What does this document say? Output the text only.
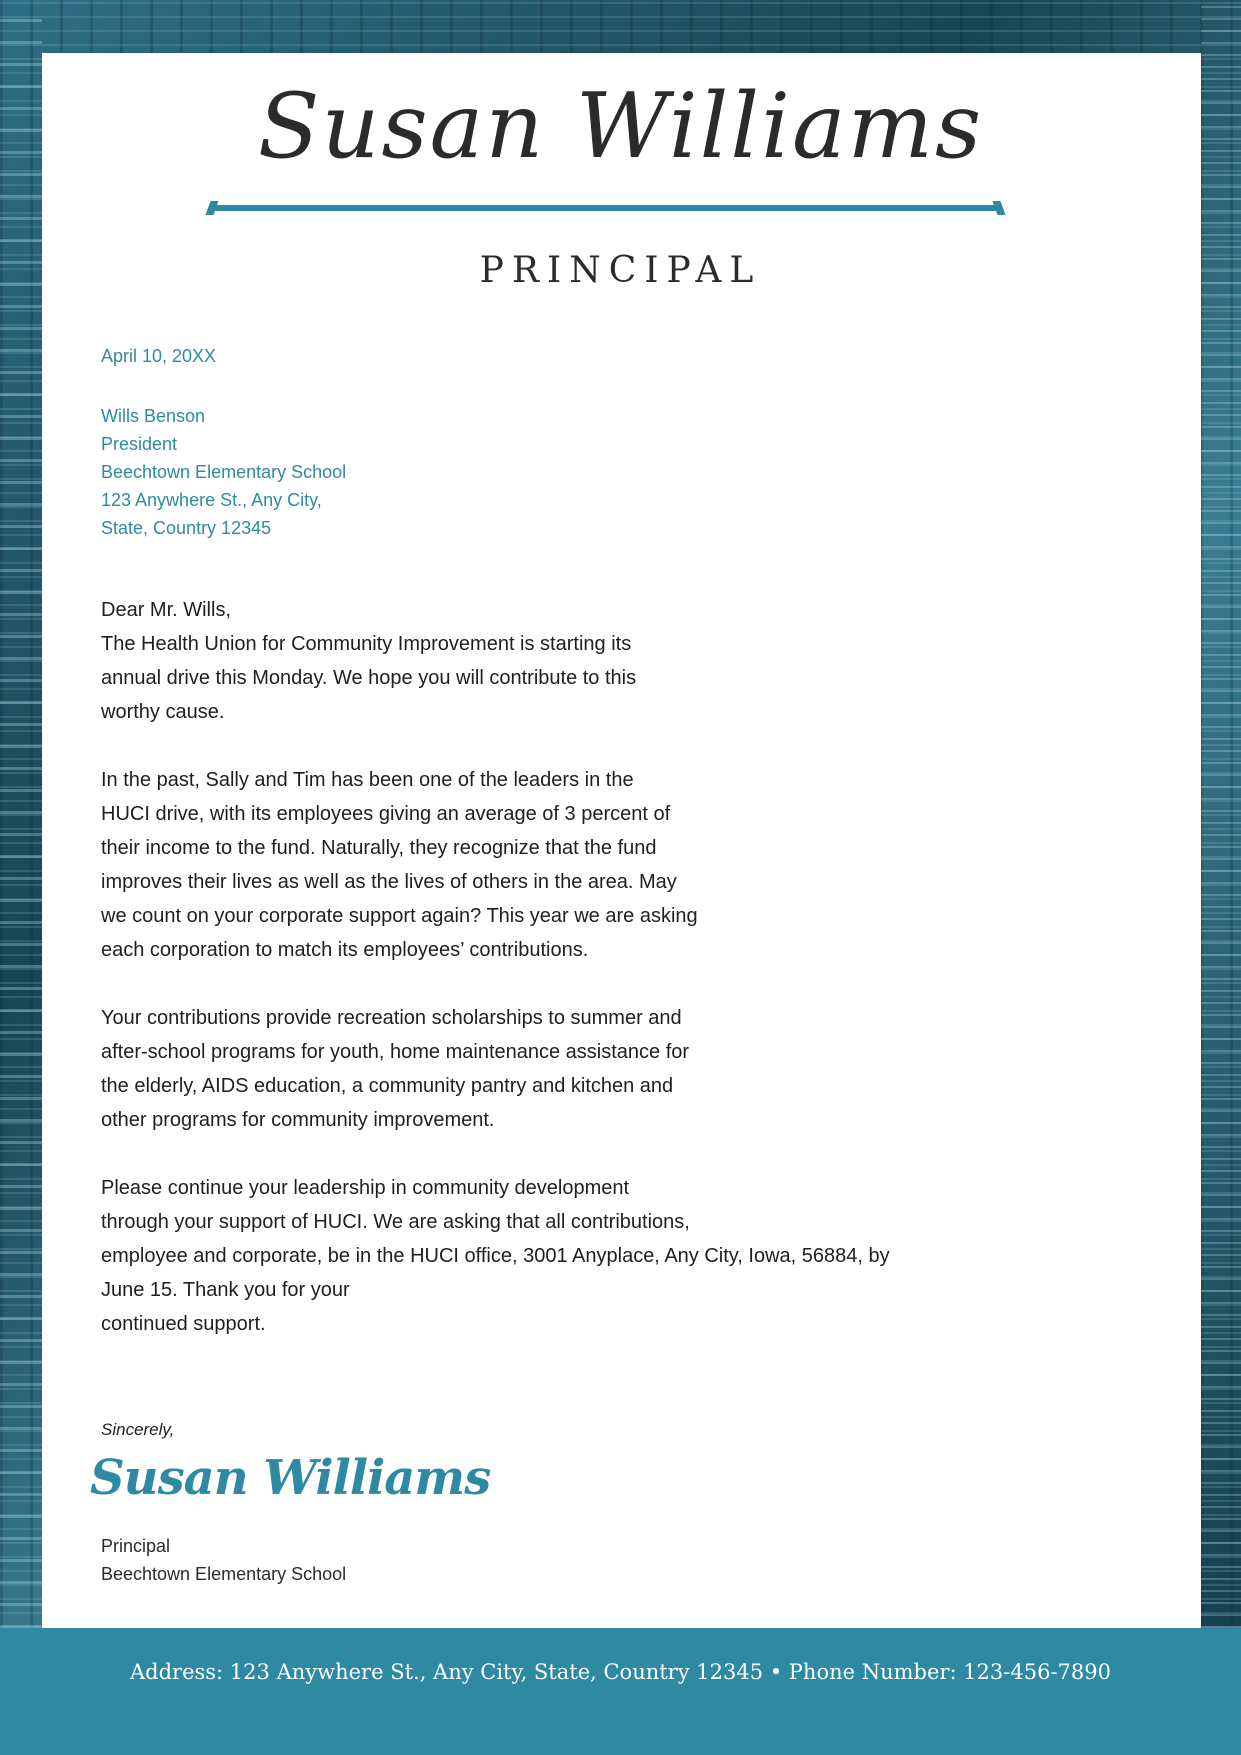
Susan Williams
PRINCIPAL
April 10, 20XX
Wills Benson
President
Beechtown Elementary School
123 Anywhere St., Any City,
State, Country 12345

Dear Mr. Wills,

The Health Union for Community Improvement is starting its

annual drive this Monday. We hope you will contribute to this

worthy cause.

In the past, Sally and Tim has been one of the leaders in the

HUCI drive, with its employees giving an average of 3 percent of

their income to the fund. Naturally, they recognize that the fund

improves their lives as well as the lives of others in the area. May

we count on your corporate support again? This year we are asking

each corporation to match its employees’ contributions.

Your contributions provide recreation scholarships to summer and

after-school programs for youth, home maintenance assistance for

the elderly, AIDS education, a community pantry and kitchen and

other programs for community improvement.

Please continue your leadership in community development

through your support of HUCI. We are asking that all contributions,

employee and corporate, be in the HUCI office, 3001 Anyplace, Any City, Iowa, 56884, by

June 15. Thank you for your

continued support.

Sincerely,
Susan Williams
Principal
Beechtown Elementary School
Address: 123 Anywhere St., Any City, State, Country 12345 • Phone Number: 123-456-7890
